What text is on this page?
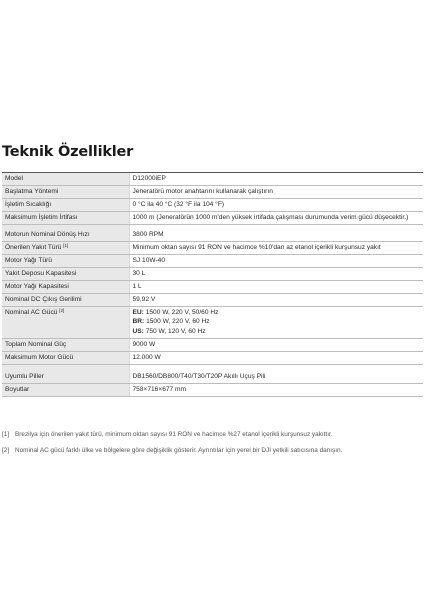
Teknik Özellikler
Model	D12000iEP

Başlatma Yöntemi	Jeneratörü motor anahtarını kullanarak çalıştırın

İşletim Sıcaklığı	0 °C ila 40 °C (32 °F ila 104 °F)

Maksimum İşletim İrtifası	1000 m (Jeneratörün 1000 m'den yüksek irtifada çalışması durumunda verim gücü düşecektir.)

Motorun Nominal Dönüş Hızı	3800 RPM

Önerilen Yakıt Türü [1]	Minimum oktan sayısı 91 RON ve hacimce %10'dan az etanol içerikli kurşunsuz yakıt

Motor Yağı Türü	SJ 10W-40

Yakıt Deposu Kapasitesi	30 L

Motor Yağı Kapasitesi	1 L

Nominal DC Çıkış Gerilimi	59,92 V

Nominal AC Gücü [2]	EU: 1500 W, 220 V, 50/60 Hz
BR: 1500 W, 220 V, 60 Hz
US: 750 W, 120 V, 60 Hz

Toplam Nominal Güç	9000 W

Maksimum Motor Gücü	12.000 W

Uyumlu Piller	DB1560/DB800/T40/T30/T20P Akıllı Uçuş Pili

Boyutlar	758×716×677 mm
[1] Brezilya için önerilen yakıt türü, minimum oktan sayısı 91 RON ve hacimce %27 etanol içerikli kurşunsuz yakıttır.
[2] Nominal AC gücü farklı ülke ve bölgelere göre değişiklik gösterir. Ayrıntılar için yerel bir DJI yetkili satıcısına danışın.
